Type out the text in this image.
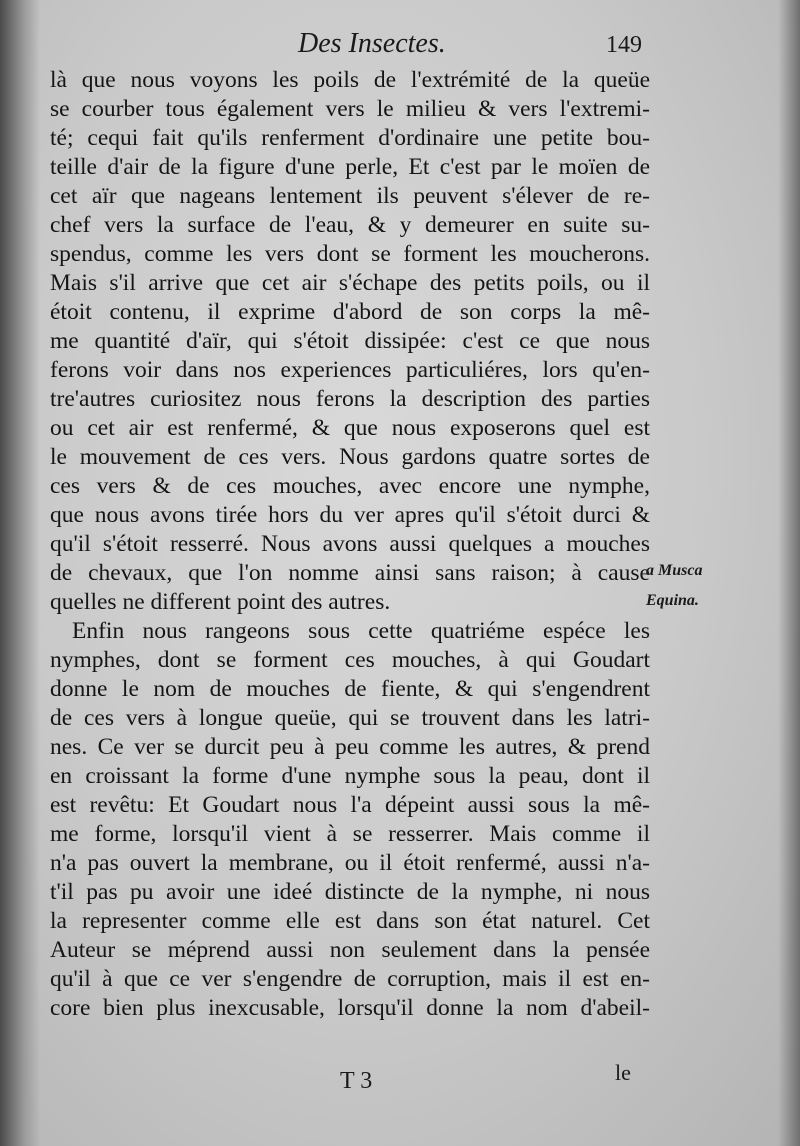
Des Insectes.	149
là que nous voyons les poils de l'extrémité de la queüe
se courber tous également vers le milieu & vers l'extremi-
té; cequi fait qu'ils renferment d'ordinaire une petite bou-
teille d'air de la figure d'une perle, Et c'est par le moïen de
cet aïr que nageans lentement ils peuvent s'élever de re-
chef vers la surface de l'eau, & y demeurer en suite su-
spendus, comme les vers dont se forment les moucherons.
Mais s'il arrive que cet air s'échape des petits poils, ou il
étoit contenu, il exprime d'abord de son corps la mê-
me quantité d'aïr, qui s'étoit dissipée: c'est ce que nous
ferons voir dans nos experiences particuliéres, lors qu'en-
tre'autres curiositez nous ferons la description des parties
ou cet air est renfermé, & que nous exposerons quel est
le mouvement de ces vers. Nous gardons quatre sortes de
ces vers & de ces mouches, avec encore une nymphe,
que nous avons tirée hors du ver apres qu'il s'étoit durci &
qu'il s'étoit resserré. Nous avons aussi quelques a mouches
de chevaux, que l'on nomme ainsi sans raison; à cause
quelles ne different point des autres.
Enfin nous rangeons sous cette quatriéme espéce les
nymphes, dont se forment ces mouches, à qui Goudart
donne le nom de mouches de fiente, & qui s'engendrent
de ces vers à longue queüe, qui se trouvent dans les latri-
nes. Ce ver se durcit peu à peu comme les autres, & prend
en croissant la forme d'une nymphe sous la peau, dont il
est revêtu: Et Goudart nous l'a dépeint aussi sous la mê-
me forme, lorsqu'il vient à se resserrer. Mais comme il
n'a pas ouvert la membrane, ou il étoit renfermé, aussi n'a-
t'il pas pu avoir une ideé distincte de la nymphe, ni nous
la representer comme elle est dans son état naturel. Cet
Auteur se méprend aussi non seulement dans la pensée
qu'il à que ce ver s'engendre de corruption, mais il est en-
core bien plus inexcusable, lorsqu'il donne la nom d'abeil-
a Musca
Equina.
T 3	le
